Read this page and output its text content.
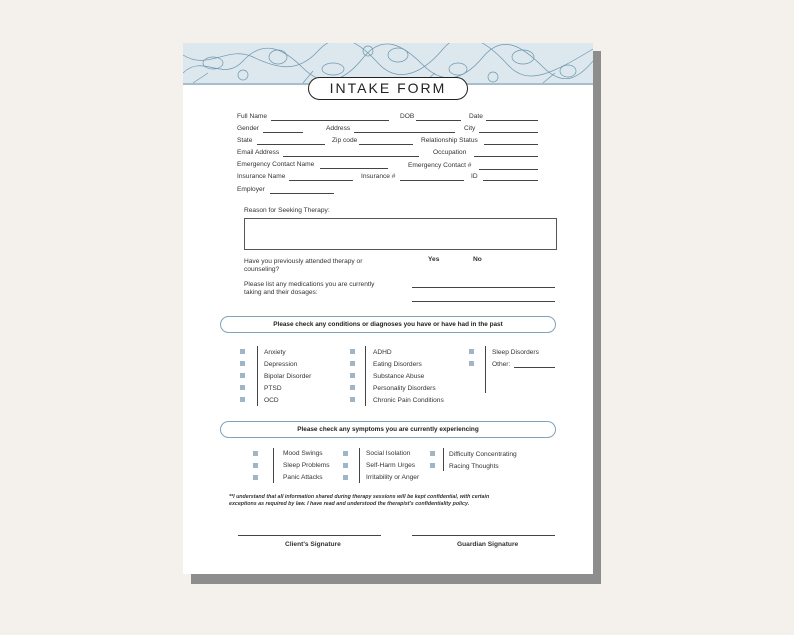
INTAKE FORM
Full Name	DOB	Date
Gender	Address	City
State	Zip code	Relationship Status
Email Address	Occupation
Emergency Contact Name	Emergency Contact #
Insurance Name	Insurance #	ID
Employer
Reason for Seeking Therapy:
Have you previously attended therapy or
counseling?
Yes	No
Please list any medications you are currently
taking and their dosages:
Please check any conditions or diagnoses you have or have had in the past
Anxiety
Depression
Bipolar Disorder
PTSD
OCD
ADHD
Eating Disorders
Substance Abuse
Personality Disorders
Chronic Pain Conditions
Sleep Disorders
Other:
Please check any symptoms you are currently experiencing
Mood Swings
Sleep Problems
Panic Attacks
Social Isolation
Self-Harm Urges
Irritability or Anger
Difficulty Concentrating
Racing Thoughts
**I understand that all information shared during therapy sessions will be kept confidential, with certain
exceptions as required by law. I have read and understood the therapist's confidentiality policy.
Client's Signature	Guardian Signature
